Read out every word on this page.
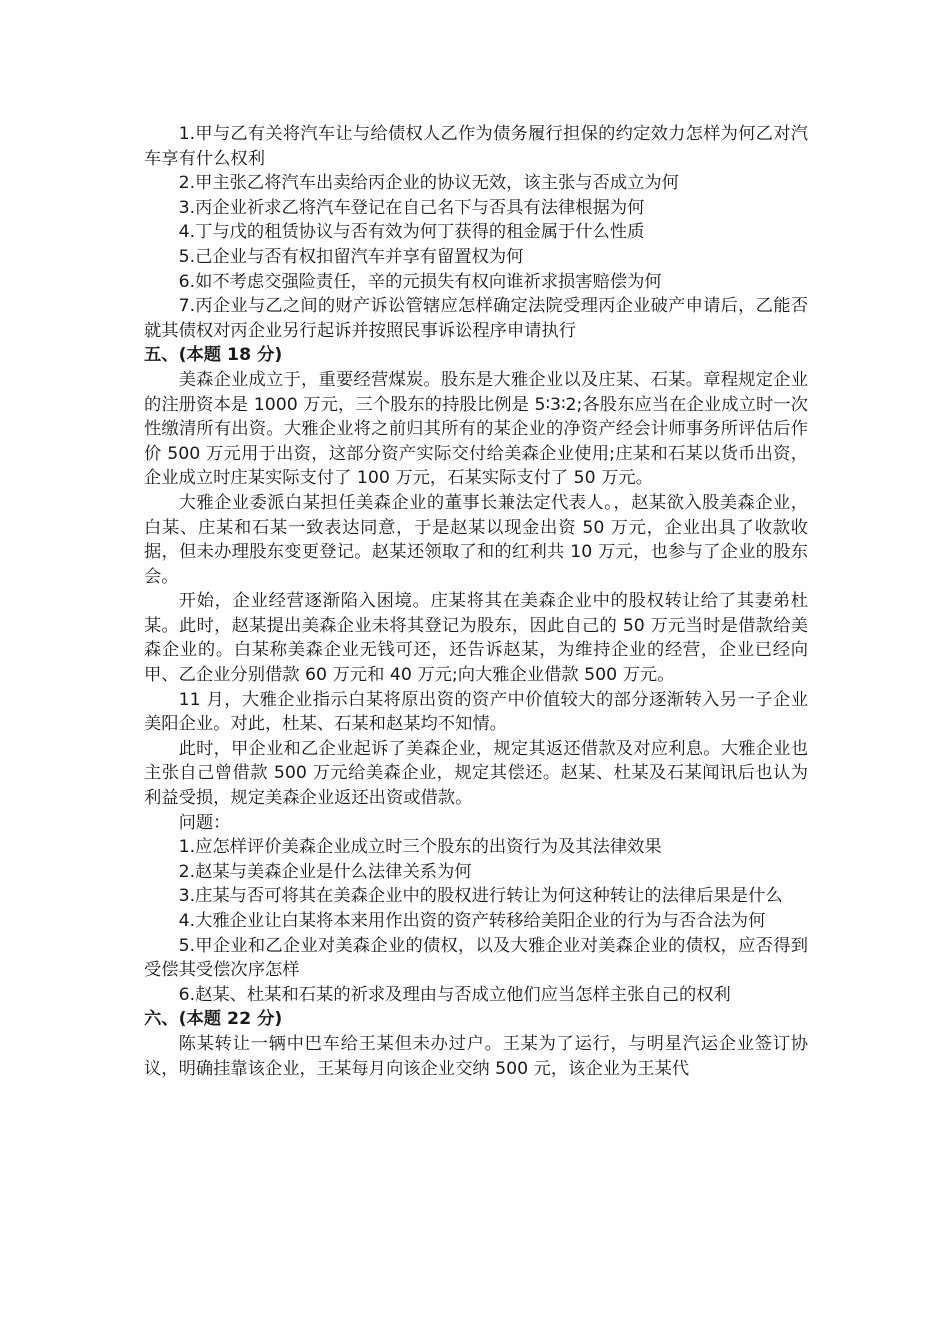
1.甲与乙有关将汽车让与给债权人乙作为债务履行担保的约定效力怎样为何乙对汽车享有什么权利

2.甲主张乙将汽车出卖给丙企业的协议无效，该主张与否成立为何

3.丙企业祈求乙将汽车登记在自己名下与否具有法律根据为何

4.丁与戊的租赁协议与否有效为何丁获得的租金属于什么性质

5.己企业与否有权扣留汽车并享有留置权为何

6.如不考虑交强险责任，辛的元损失有权向谁祈求损害赔偿为何

7.丙企业与乙之间的财产诉讼管辖应怎样确定法院受理丙企业破产申请后，乙能否就其债权对丙企业另行起诉并按照民事诉讼程序申请执行

五、(本题 18 分)

美森企业成立于，重要经营煤炭。股东是大雅企业以及庄某、石某。章程规定企业的注册资本是 1000 万元，三个股东的持股比例是 5∶3∶2;各股东应当在企业成立时一次性缴清所有出资。大雅企业将之前归其所有的某企业的净资产经会计师事务所评估后作价 500 万元用于出资，这部分资产实际交付给美森企业使用;庄某和石某以货币出资，企业成立时庄某实际支付了 100 万元，石某实际支付了 50 万元。

大雅企业委派白某担任美森企业的董事长兼法定代表人。，赵某欲入股美森企业，白某、庄某和石某一致表达同意，于是赵某以现金出资 50 万元，企业出具了收款收据，但未办理股东变更登记。赵某还领取了和的红利共 10 万元，也参与了企业的股东会。

开始，企业经营逐渐陷入困境。庄某将其在美森企业中的股权转让给了其妻弟杜某。此时，赵某提出美森企业未将其登记为股东，因此自己的 50 万元当时是借款给美森企业的。白某称美森企业无钱可还，还告诉赵某，为维持企业的经营，企业已经向甲、乙企业分别借款 60 万元和 40 万元;向大雅企业借款 500 万元。

11 月，大雅企业指示白某将原出资的资产中价值较大的部分逐渐转入另一子企业美阳企业。对此，杜某、石某和赵某均不知情。

此时，甲企业和乙企业起诉了美森企业，规定其返还借款及对应利息。大雅企业也主张自己曾借款 500 万元给美森企业，规定其偿还。赵某、杜某及石某闻讯后也认为利益受损，规定美森企业返还出资或借款。

问题：

1.应怎样评价美森企业成立时三个股东的出资行为及其法律效果

2.赵某与美森企业是什么法律关系为何

3.庄某与否可将其在美森企业中的股权进行转让为何这种转让的法律后果是什么

4.大雅企业让白某将本来用作出资的资产转移给美阳企业的行为与否合法为何

5.甲企业和乙企业对美森企业的债权，以及大雅企业对美森企业的债权，应否得到受偿其受偿次序怎样

6.赵某、杜某和石某的祈求及理由与否成立他们应当怎样主张自己的权利

六、(本题 22 分)

陈某转让一辆中巴车给王某但未办过户。王某为了运行，与明星汽运企业签订协议，明确挂靠该企业，王某每月向该企业交纳 500 元，该企业为王某代
